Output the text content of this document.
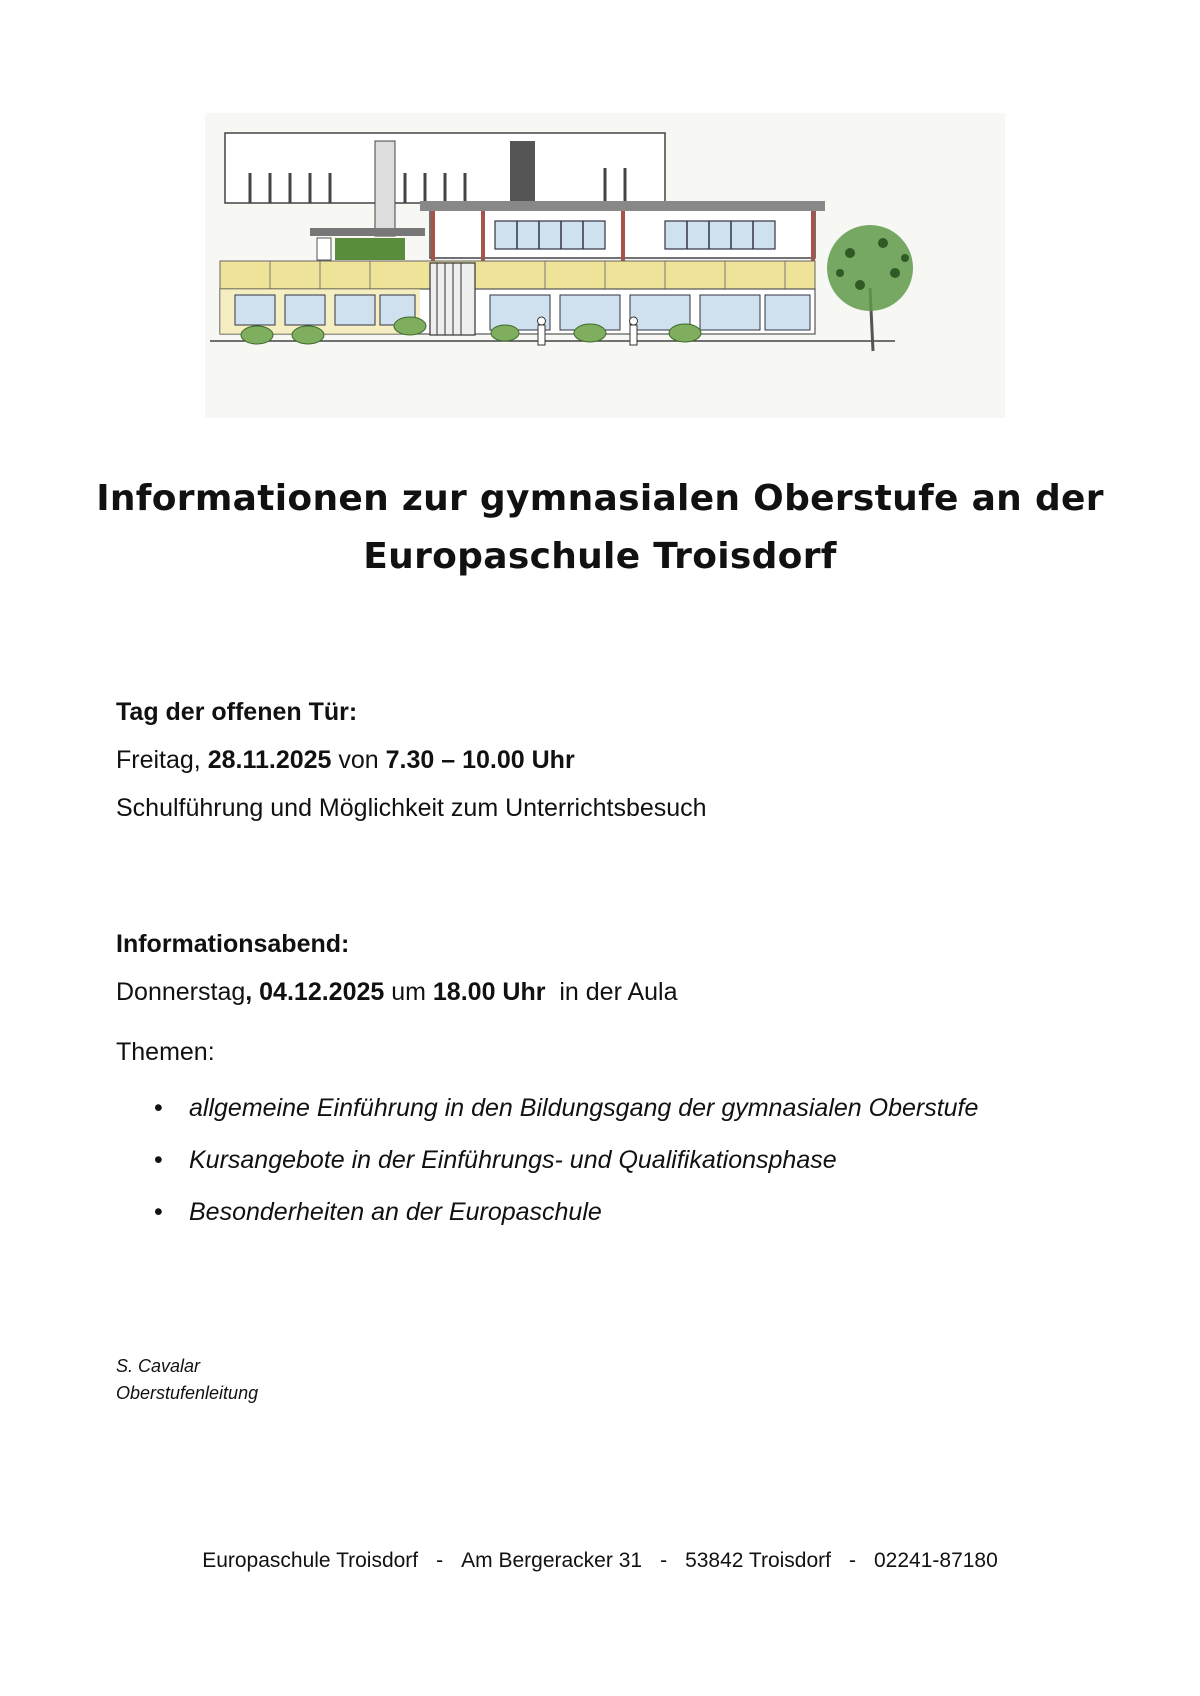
Informationen zur gymnasialen Oberstufe an der
Europaschule Troisdorf

Tag der offenen Tür:

Freitag, 28.11.2025 von 7.30 – 10.00 Uhr

Schulführung und Möglichkeit zum Unterrichtsbesuch

Informationsabend:

Donnerstag, 04.12.2025 um 18.00 Uhr  in der Aula

Themen:

• allgemeine Einführung in den Bildungsgang der gymnasialen Oberstufe
• Kursangebote in der Einführungs- und Qualifikationsphase
• Besonderheiten an der Europaschule
S. Cavalar
Oberstufenleitung
Europaschule Troisdorf - Am Bergeracker 31 - 53842 Troisdorf - 02241-87180
